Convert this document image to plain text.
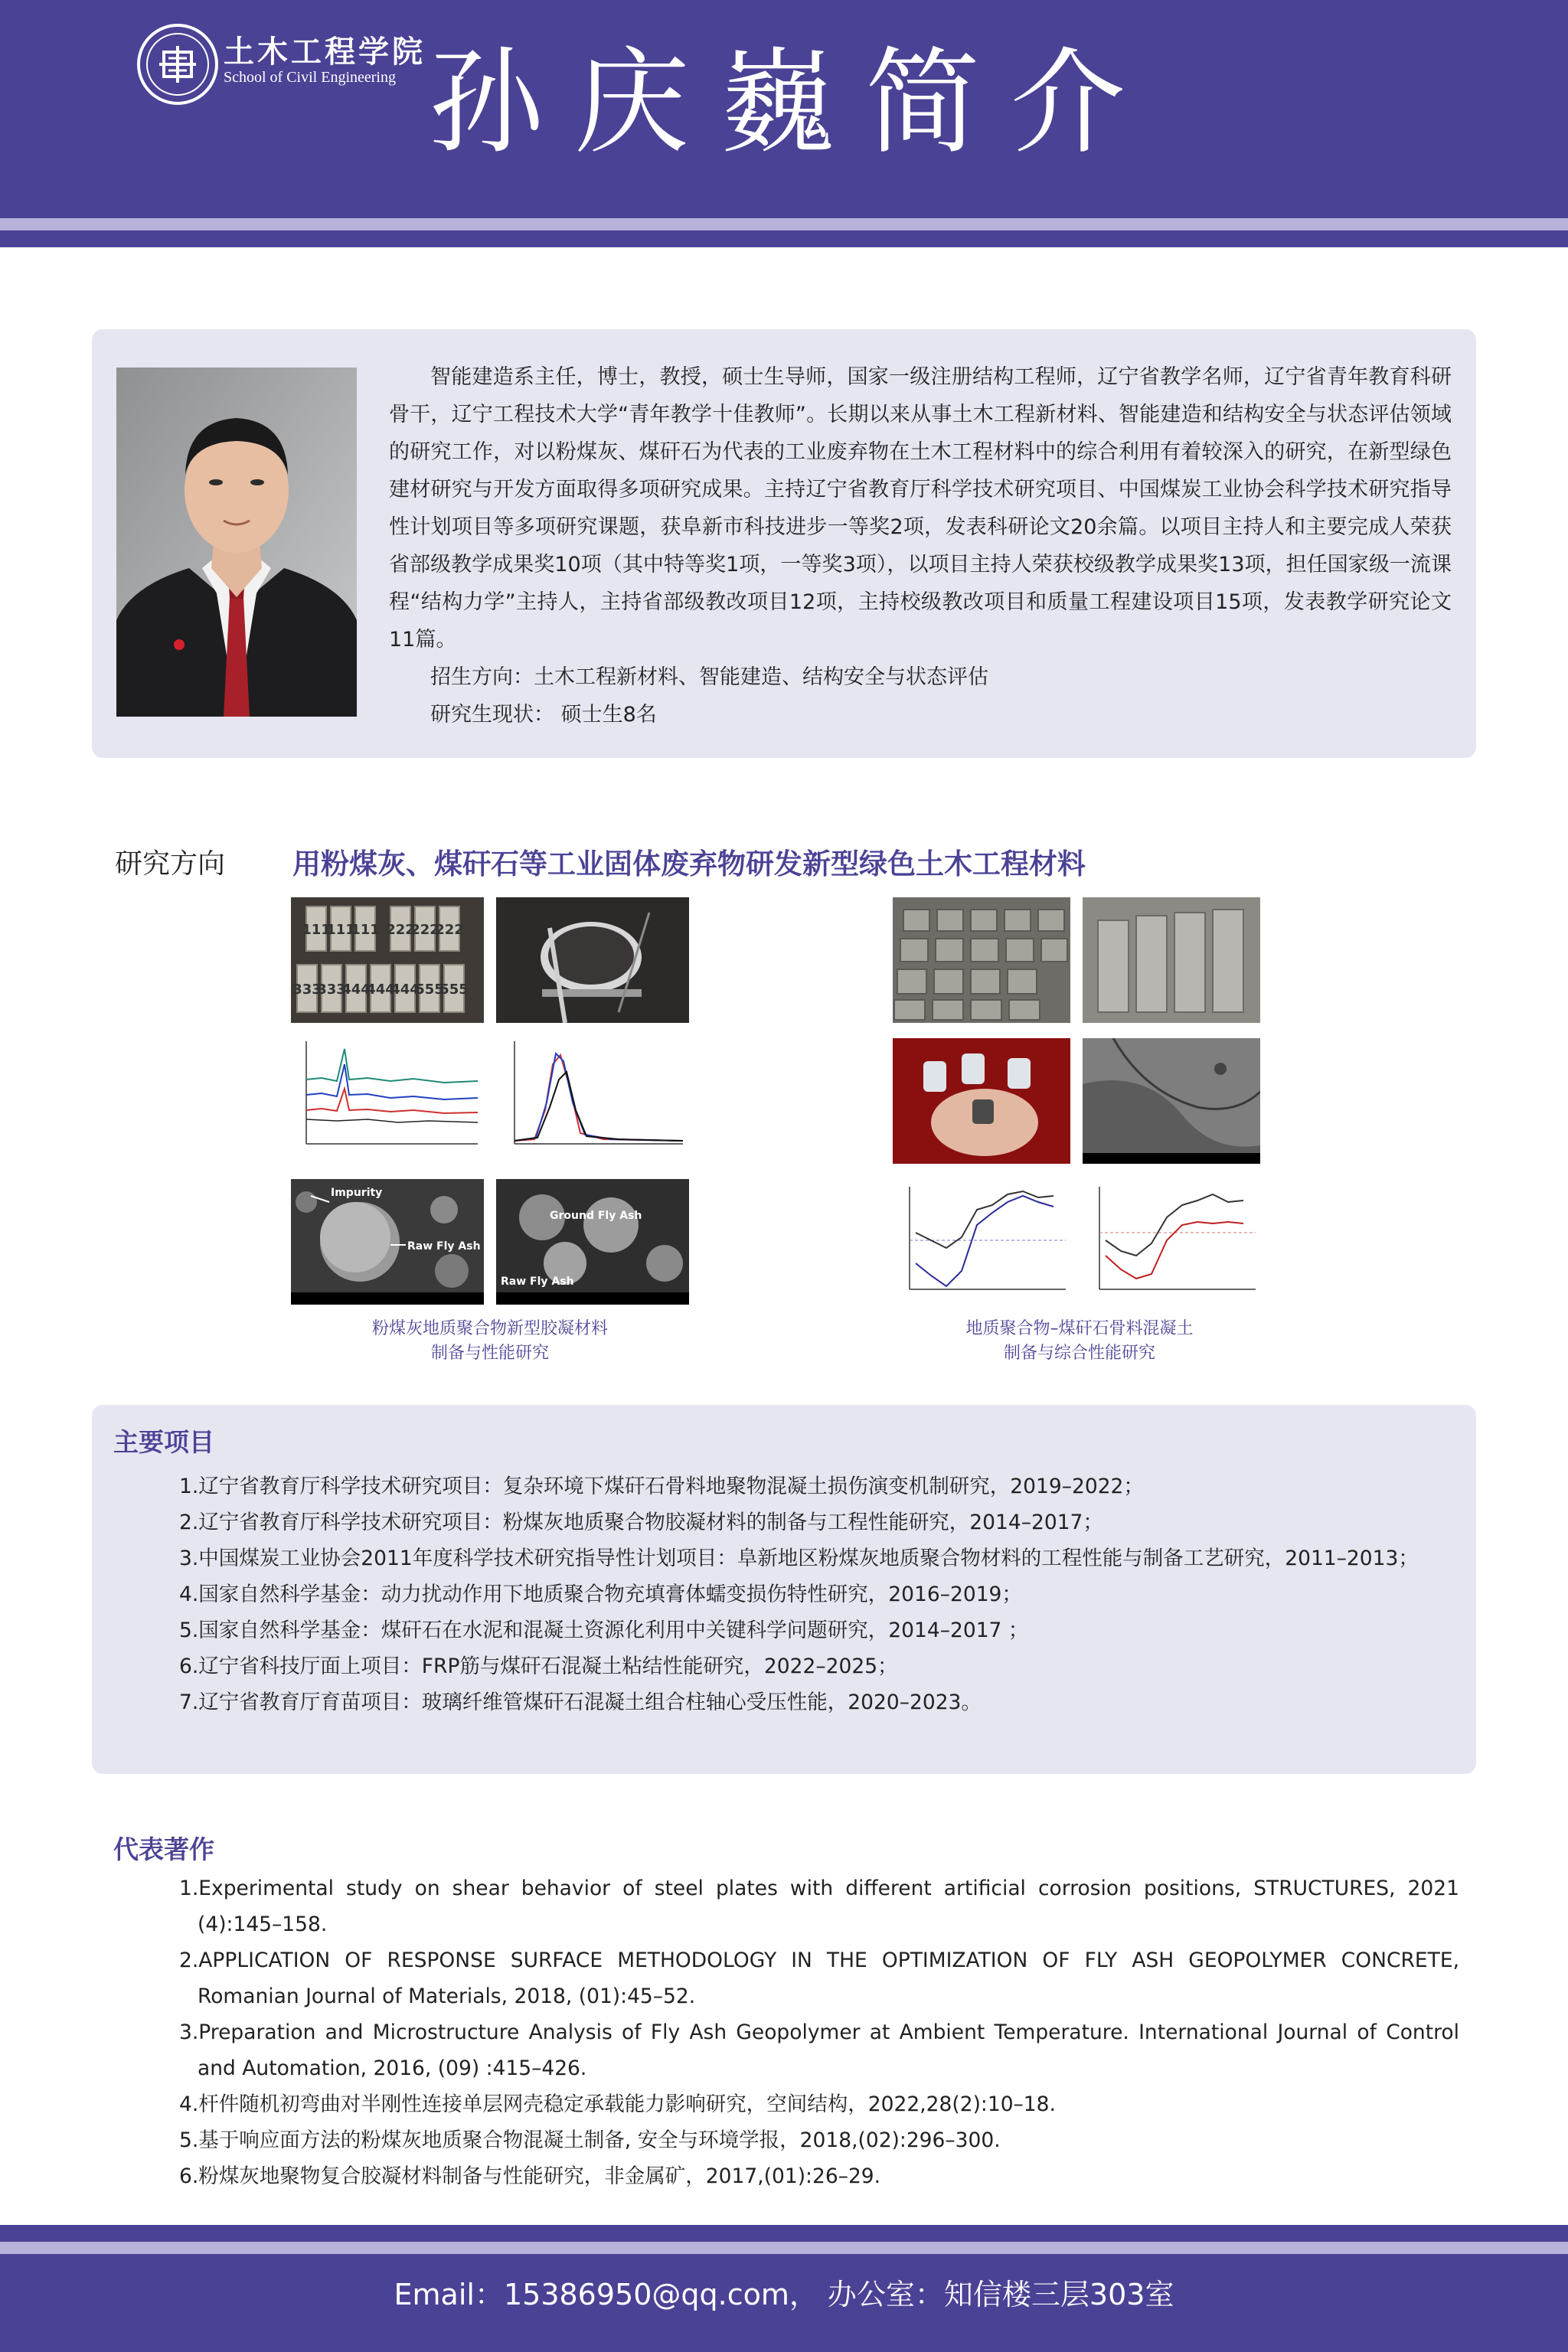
土木工程学院
School of Civil Engineering 孙庆巍简介

智能建造系主任，博士，教授，硕士生导师，国家一级注册结构工程师，辽宁省教学名师，辽宁省青年教育科研骨干，辽宁工程技术大学“青年教学十佳教师”。长期以来从事土木工程新材料、智能建造和结构安全与状态评估领域的研究工作，对以粉煤灰、煤矸石为代表的工业废弃物在土木工程材料中的综合利用有着较深入的研究，在新型绿色建材研究与开发方面取得多项研究成果。主持辽宁省教育厅科学技术研究项目、中国煤炭工业协会科学技术研究指导性计划项目等多项研究课题，获阜新市科技进步一等奖2项，发表科研论文20余篇。以项目主持人和主要完成人荣获省部级教学成果奖10项（其中特等奖1项，一等奖3项），以项目主持人荣获校级教学成果奖13项，担任国家级一流课程“结构力学”主持人，主持省部级教改项目12项，主持校级教改项目和质量工程建设项目15项，发表教学研究论文11篇。

招生方向：土木工程新材料、智能建造、结构安全与状态评估

研究生现状： 硕士生8名

研究方向 用粉煤灰、煤矸石等工业固体废弃物研发新型绿色土木工程材料
111
111
111 222
222
222
333
333
444
444
444
555
555
Impurity
Raw Fly Ash
Ground Fly Ash
Raw Fly Ash
粉煤灰地质聚合物新型胶凝材料
制备与性能研究
地质聚合物–煤矸石骨料混凝土
制备与综合性能研究
主要项目
1.辽宁省教育厅科学技术研究项目：复杂环境下煤矸石骨料地聚物混凝土损伤演变机制研究，2019–2022；
2.辽宁省教育厅科学技术研究项目：粉煤灰地质聚合物胶凝材料的制备与工程性能研究，2014–2017；
3.中国煤炭工业协会2011年度科学技术研究指导性计划项目：阜新地区粉煤灰地质聚合物材料的工程性能与制备工艺研究，2011–2013；
4.国家自然科学基金：动力扰动作用下地质聚合物充填膏体蠕变损伤特性研究，2016–2019；
5.国家自然科学基金：煤矸石在水泥和混凝土资源化利用中关键科学问题研究，2014–2017 ；
6.辽宁省科技厅面上项目：FRP筋与煤矸石混凝土粘结性能研究，2022–2025；
7.辽宁省教育厅育苗项目：玻璃纤维管煤矸石混凝土组合柱轴心受压性能，2020–2023。
代表著作
1.Experimental study on shear behavior of steel plates with different artificial corrosion positions, STRUCTURES, 2021 (4):145–158.
2.APPLICATION OF RESPONSE SURFACE METHODOLOGY IN THE OPTIMIZATION OF FLY ASH GEOPOLYMER CONCRETE, Romanian Journal of Materials, 2018, (01):45–52.
3.Preparation and Microstructure Analysis of Fly Ash Geopolymer at Ambient Temperature. International Journal of Control and Automation, 2016, (09) :415–426.
4.杆件随机初弯曲对半刚性连接单层网壳稳定承载能力影响研究，空间结构，2022,28(2):10–18.
5.基于响应面方法的粉煤灰地质聚合物混凝土制备, 安全与环境学报，2018,(02):296–300.
6.粉煤灰地聚物复合胶凝材料制备与性能研究，非金属矿，2017,(01):26–29.
Email：15386950@qq.com， 办公室：知信楼三层303室
